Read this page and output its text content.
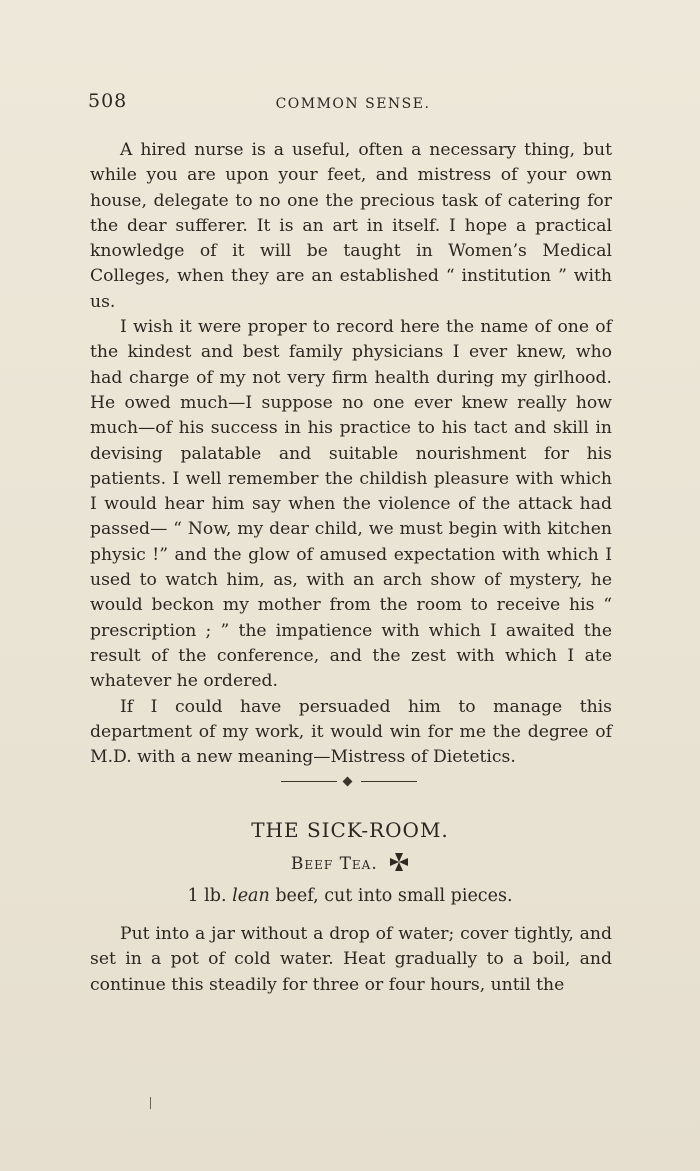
508	COMMON SENSE.

A hired nurse is a useful, often a necessary thing, but while you are upon your feet, and mistress of your own house, delegate to no one the precious task of catering for the dear sufferer. It is an art in itself. I hope a practical knowledge of it will be taught in Women’s Medical Colleges, when they are an established “ institution ” with us.

I wish it were proper to record here the name of one of the kindest and best family physicians I ever knew, who had charge of my not very firm health during my girlhood. He owed much—I suppose no one ever knew really how much—of his success in his practice to his tact and skill in devising palatable and suitable nourishment for his patients. I well remember the childish pleasure with which I would hear him say when the violence of the attack had passed— “ Now, my dear child, we must begin with kitchen physic !” and the glow of amused expectation with which I used to watch him, as, with an arch show of mystery, he would beckon my mother from the room to receive his “ prescription ; ” the impatience with which I awaited the result of the conference, and the zest with which I ate whatever he ordered.

If I could have persuaded him to manage this department of my work, it would win for me the degree of M.D. with a new meaning—Mistress of Dietetics.

THE SICK-ROOM.
Beef Tea.
1 lb. lean beef, cut into small pieces.

Put into a jar without a drop of water; cover tightly, and set in a pot of cold water. Heat gradually to a boil, and continue this steadily for three or four hours, until the
